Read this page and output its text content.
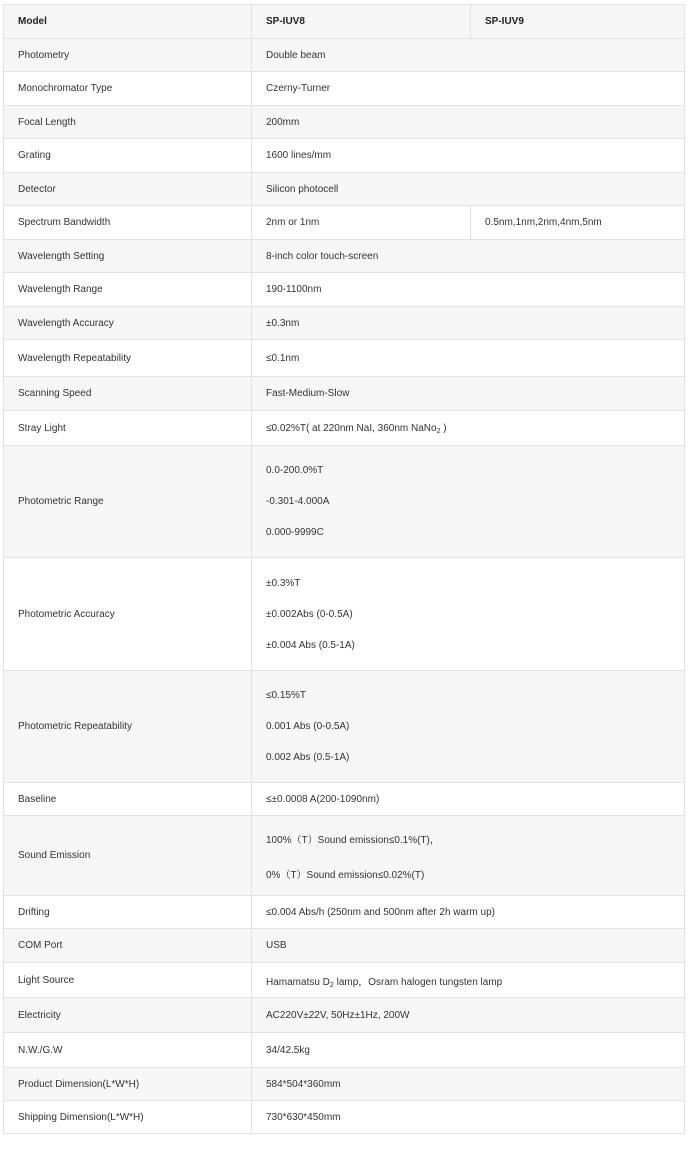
Model	SP-IUV8	SP-IUV9
Photometry	Double beam	
Monochromator Type	Czerny-Turner	
Focal Length	200mm	
Grating	1600 lines/mm	
Detector	Silicon photocell	
Spectrum Bandwidth	2nm or 1nm	0.5nm,1nm,2nm,4nm,5nm
Wavelength Setting	8-inch color touch-screen	
Wavelength Range	190-1100nm	
Wavelength Accuracy	±0.3nm	
Wavelength Repeatability	≤0.1nm	
Scanning Speed	Fast-Medium-Slow	
Stray Light	≤0.02%T( at 220nm NaI, 360nm NaNo$_2$ )	
Photometric Range	0.0-200.0%T
-0.301-4.000A
0.000-9999C	

Photometric Accuracy	±0.3%T
±0.002Abs (0-0.5A)
±0.004 Abs (0.5-1A)	

Photometric Repeatability	≤0.15%T
0.001 Abs (0-0.5A)
0.002 Abs (0.5-1A)	

Baseline	≤±0.0008 A(200-1090nm)	
Sound Emission	100%（T）Sound emission≤0.1%(T)，
0%（T）Sound emission≤0.02%(T)	

Drifting	≤0.004 Abs/h (250nm and 500nm after 2h warm up)	
COM Port	USB	
Light Source	Hamamatsu $D_2$ lamp，Osram halogen tungsten lamp	
Electricity	AC220V±22V, 50Hz±1Hz, 200W	
N.W./G.W	34/42.5kg	
Product Dimension(L*W*H)	584*504*360mm	
Shipping Dimension(L*W*H)	730*630*450mm	
